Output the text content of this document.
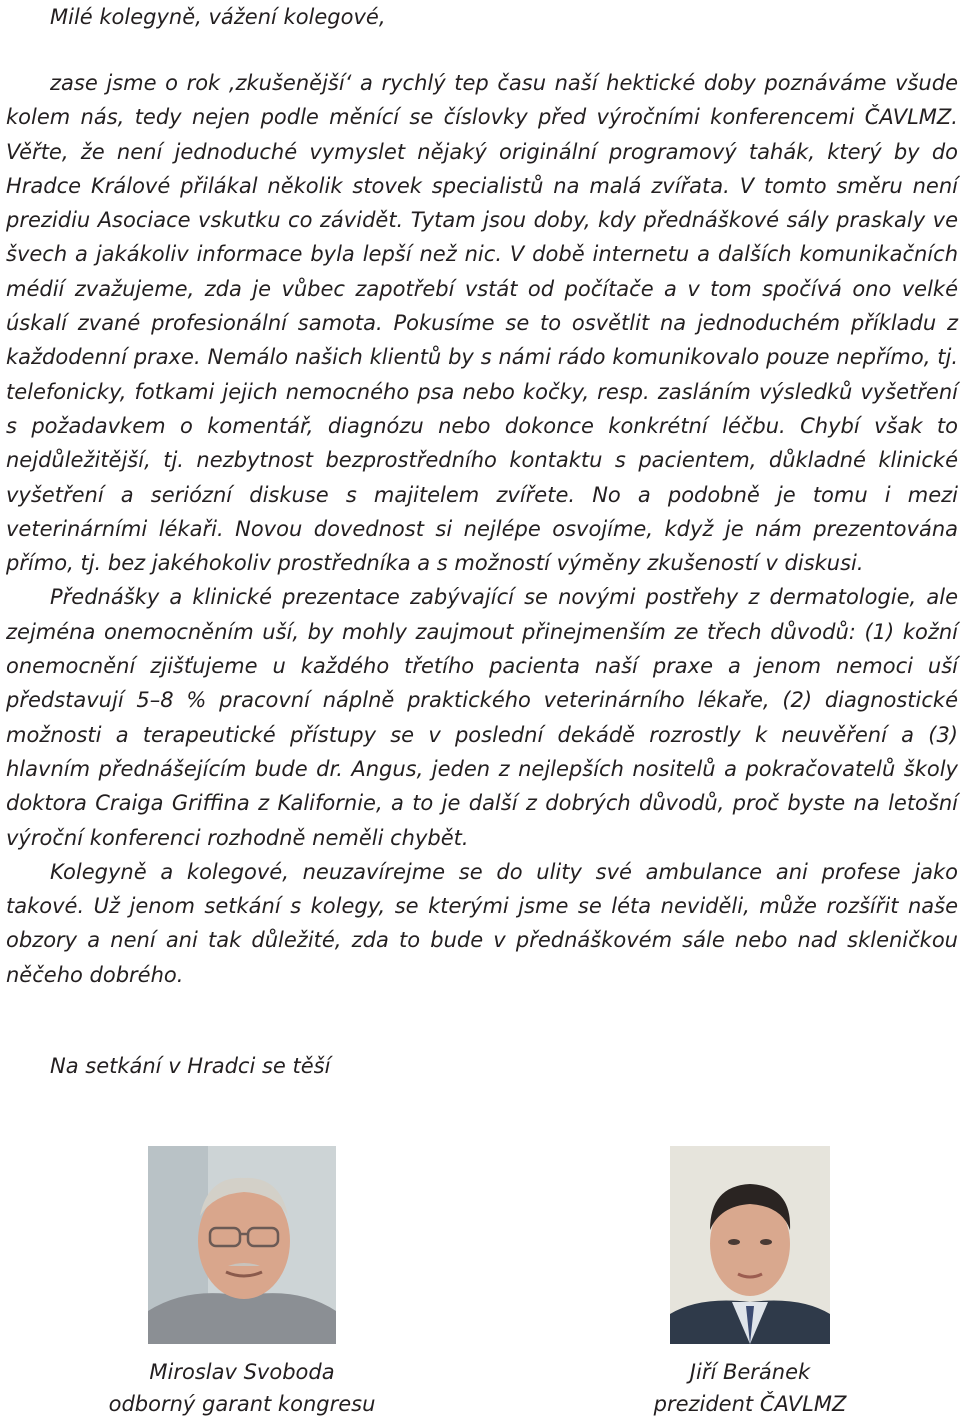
Milé kolegyně, vážení kolegové,

zase jsme o rok ‚zkušenější‘ a rychlý tep času naší hektické doby poznáváme všude kolem nás, tedy nejen podle měnící se číslovky před výročními konferencemi ČAVLMZ. Věřte, že není jednoduché vymyslet nějaký originální programový tahák, který by do Hradce Králové přilákal několik stovek specialistů na malá zvířata. V tomto směru není prezidiu Asociace vskutku co závidět. Tytam jsou doby, kdy přednáškové sály praskaly ve švech a jakákoliv informace byla lepší než nic. V době internetu a dalších komunikačních médií zvažujeme, zda je vůbec zapotřebí vstát od počítače a v tom spočívá ono velké úskalí zvané profesionální samota. Pokusíme se to osvětlit na jednoduchém příkladu z každodenní praxe. Nemálo našich klientů by s námi rádo komunikovalo pouze nepřímo, tj. telefonicky, fotkami jejich nemocného psa nebo kočky, resp. zasláním výsledků vyšetření s požadavkem o komentář, diagnózu nebo dokonce konkrétní léčbu. Chybí však to nejdůležitější, tj. nezbytnost bezprostředního kontaktu s pacientem, důkladné klinické vyšetření a seriózní diskuse s majitelem zvířete. No a podobně je tomu i mezi veterinárními lékaři. Novou dovednost si nejlépe osvojíme, když je nám prezentována přímo, tj. bez jakéhokoliv prostředníka a s možností výměny zkušeností v diskusi.

Přednášky a klinické prezentace zabývající se novými postřehy z dermatologie, ale zejména onemocněním uší, by mohly zaujmout přinejmenším ze třech důvodů: (1) kožní onemocnění zjišťujeme u každého třetího pacienta naší praxe a jenom nemoci uší představují 5–8 % pracovní náplně praktického veterinárního lékaře, (2) diagnostické možnosti a terapeutické přístupy se v poslední dekádě rozrostly k neuvěření a (3) hlavním přednášejícím bude dr. Angus, jeden z nejlepších nositelů a pokračovatelů školy doktora Craiga Griffina z Kalifornie, a to je další z dobrých důvodů, proč byste na letošní výroční konferenci rozhodně neměli chybět.

Kolegyně a kolegové, neuzavírejme se do ulity své ambulance ani profese jako takové. Už jenom setkání s kolegy, se kterými jsme se léta neviděli, může rozšířit naše obzory a není ani tak důležité, zda to bude v přednáškovém sále nebo nad skleničkou něčeho dobrého.

Na setkání v Hradci se těší

Miroslav Svoboda
odborný garant kongresu
Jiří Beránek
prezident ČAVLMZ
